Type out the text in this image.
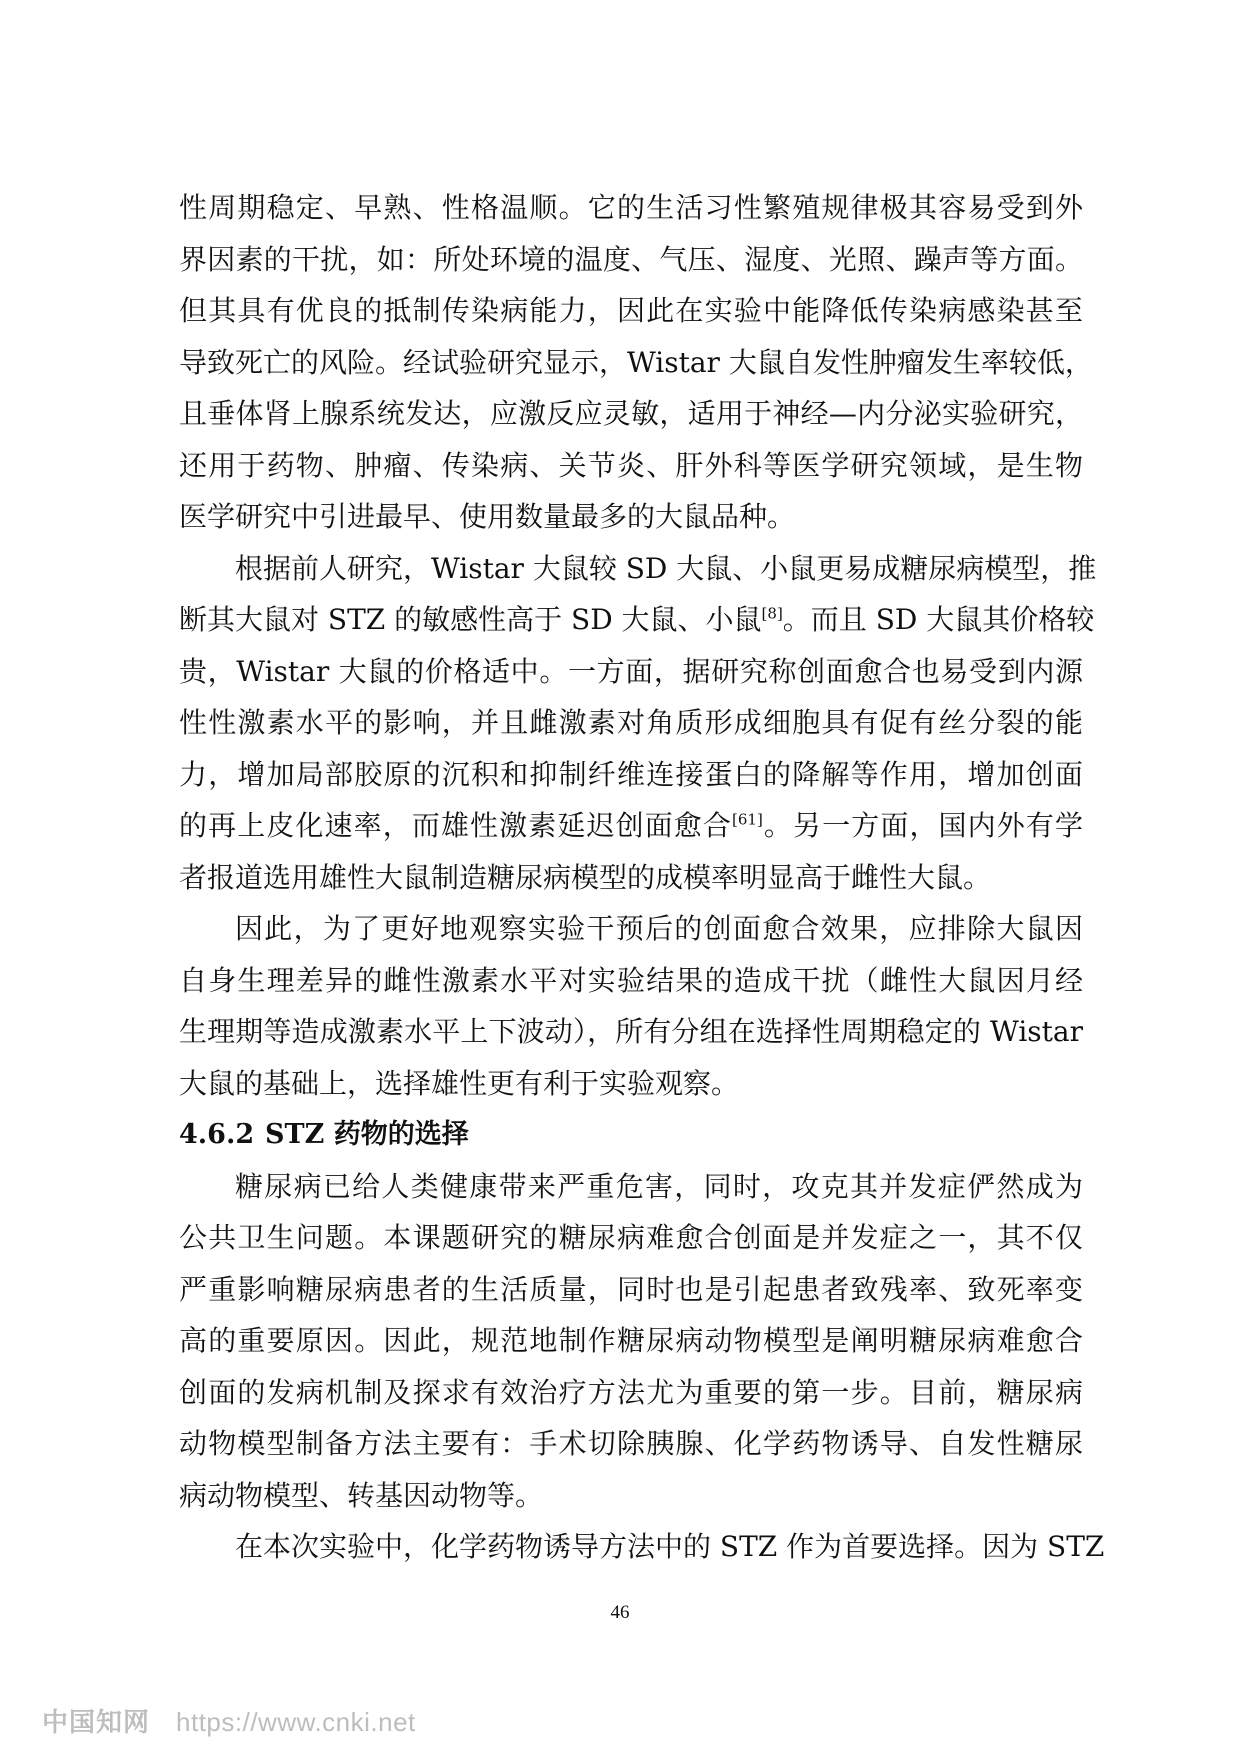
性周期稳定、早熟、性格温顺。它的生活习性繁殖规律极其容易受到外
界因素的干扰，如：所处环境的温度、气压、湿度、光照、躁声等方面。
但其具有优良的抵制传染病能力，因此在实验中能降低传染病感染甚至
导致死亡的风险。经试验研究显示，Wistar 大鼠自发性肿瘤发生率较低，
且垂体肾上腺系统发达，应激反应灵敏，适用于神经—内分泌实验研究，
还用于药物、肿瘤、传染病、关节炎、肝外科等医学研究领域，是生物
医学研究中引进最早、使用数量最多的大鼠品种。
根据前人研究，Wistar 大鼠较 SD 大鼠、小鼠更易成糖尿病模型，推
断其大鼠对 STZ 的敏感性高于 SD 大鼠、小鼠[8]。而且 SD 大鼠其价格较
贵，Wistar 大鼠的价格适中。一方面，据研究称创面愈合也易受到内源
性性激素水平的影响，并且雌激素对角质形成细胞具有促有丝分裂的能
力，增加局部胶原的沉积和抑制纤维连接蛋白的降解等作用，增加创面
的再上皮化速率，而雄性激素延迟创面愈合[61]。另一方面，国内外有学
者报道选用雄性大鼠制造糖尿病模型的成模率明显高于雌性大鼠。
因此，为了更好地观察实验干预后的创面愈合效果，应排除大鼠因
自身生理差异的雌性激素水平对实验结果的造成干扰（雌性大鼠因月经
生理期等造成激素水平上下波动），所有分组在选择性周期稳定的 Wistar
大鼠的基础上，选择雄性更有利于实验观察。
4.6.2 STZ 药物的选择
糖尿病已给人类健康带来严重危害，同时，攻克其并发症俨然成为
公共卫生问题。本课题研究的糖尿病难愈合创面是并发症之一，其不仅
严重影响糖尿病患者的生活质量，同时也是引起患者致残率、致死率变
高的重要原因。因此，规范地制作糖尿病动物模型是阐明糖尿病难愈合
创面的发病机制及探求有效治疗方法尤为重要的第一步。目前，糖尿病
动物模型制备方法主要有：手术切除胰腺、化学药物诱导、自发性糖尿
病动物模型、转基因动物等。
在本次实验中，化学药物诱导方法中的 STZ 作为首要选择。因为 STZ
46
中国知网 https://www.cnki.net
